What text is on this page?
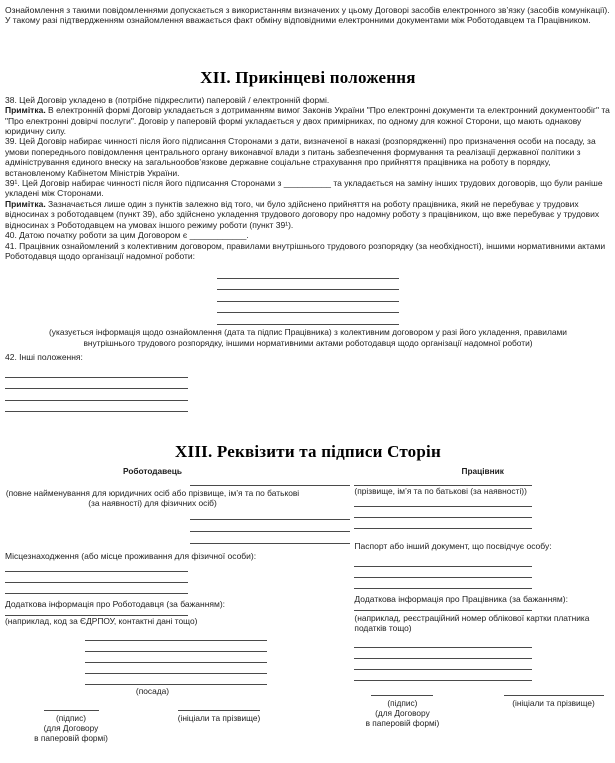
Ознайомлення з такими повідомленнями допускається з використанням визначених у цьому Договорі засобів електронного зв’язку (засобів комунікації). У такому разі підтвердженням ознайомлення вважається факт обміну відповідними електронними документами між Роботодавцем та Працівником.

XII. Прикінцеві положення

38. Цей Договір укладено в (потрібне підкреслити) паперовій / електронній формі.

Примітка. В електронній формі Договір укладається з дотриманням вимог Законів України "Про електронні документи та електронний документообіг" та "Про електронні довірчі послуги". Договір у паперовій формі укладається у двох примірниках, по одному для кожної Сторони, що мають однакову юридичну силу.

39. Цей Договір набирає чинності після його підписання Сторонами з дати, визначеної в наказі (розпорядженні) про призначення особи на посаду, за умови попереднього повідомлення центрального органу виконавчої влади з питань забезпечення формування та реалізації державної політики з адміністрування єдиного внеску на загальнообов’язкове державне соціальне страхування про прийняття працівника на роботу в порядку, встановленому Кабінетом Міністрів України.

39¹. Цей Договір набирає чинності після його підписання Сторонами з __________ та укладається на заміну інших трудових договорів, що були раніше укладені між Сторонами.

Примітка. Зазначається лише один з пунктів залежно від того, чи було здійснено прийняття на роботу працівника, який не перебуває у трудових відносинах з роботодавцем (пункт 39), або здійснено укладення трудового договору про надомну роботу з працівником, що вже перебуває у трудових відносинах з Роботодавцем на умовах іншого режиму роботи (пункт 39¹).

40. Датою початку роботи за цим Договором є ____________.

41. Працівник ознайомлений з колективним договором, правилами внутрішнього трудового розпорядку (за необхідності), іншими нормативними актами Роботодавця щодо організації надомної роботи:

(указується інформація щодо ознайомлення (дата та підпис Працівника) з колективним договором у разі його укладення, правилами внутрішнього трудового розпорядку, іншими нормативними актами роботодавця щодо організації надомної роботи)

42. Інші положення:

XIII. Реквізити та підписи Сторін
Роботодавець
(повне найменування для юридичних осіб або прізвище, ім’я та по батькові (за наявності) для фізичних осіб)
Місцезнаходження (або місце проживання для фізичної особи):
Додаткова інформація про Роботодавця (за бажанням):
(наприклад, код за ЄДРПОУ, контактні дані тощо)
(посада)
(підпис)
(для Договору
в паперовій формі)
(ініціали та прізвище)
Працівник
(прізвище, ім’я та по батькові (за наявності))
Паспорт або інший документ, що посвідчує особу:
Додаткова інформація про Працівника (за бажанням):
(наприклад, реєстраційний номер облікової картки платника податків тощо)
(підпис)
(для Договору
в паперовій формі)
(ініціали та прізвище)
